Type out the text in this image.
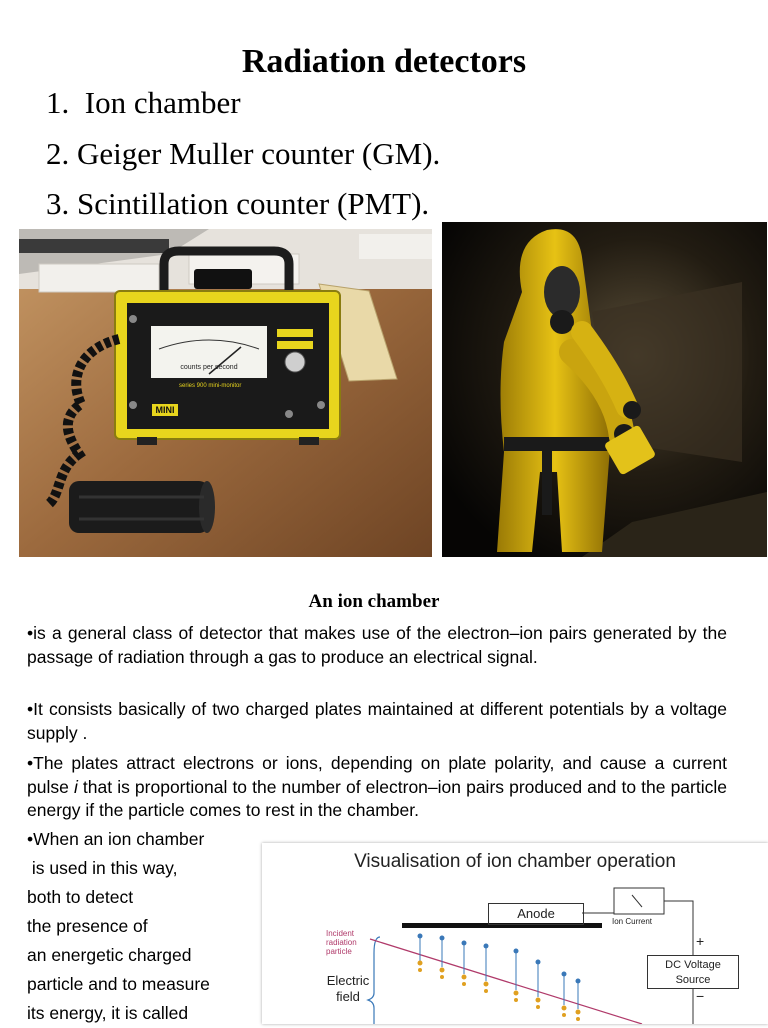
Radiation detectors
1. Ion chamber
2. Geiger Muller counter (GM).
3. Scintillation counter (PMT).
counts per second
series 900 mini-monitor
MINI
An ion chamber
•is a general class of detector that makes use of the electron–ion pairs generated by the passage of radiation through a gas to produce an electrical signal.
•It consists basically of two charged plates maintained at different potentials by a voltage supply .
•The plates attract electrons or ions, depending on plate polarity, and cause a current pulse i that is proportional to the number of electron–ion pairs produced and to the particle energy if the particle comes to rest in the chamber.
•When an ion chamber
is used in this way,
both to detect
the presence of
an energetic charged
particle and to measure
its energy, it is called
Visualisation of ion chamber operation
Anode
Ion Current
+
DC Voltage Source
−
Electric field
Incident radiation particle
